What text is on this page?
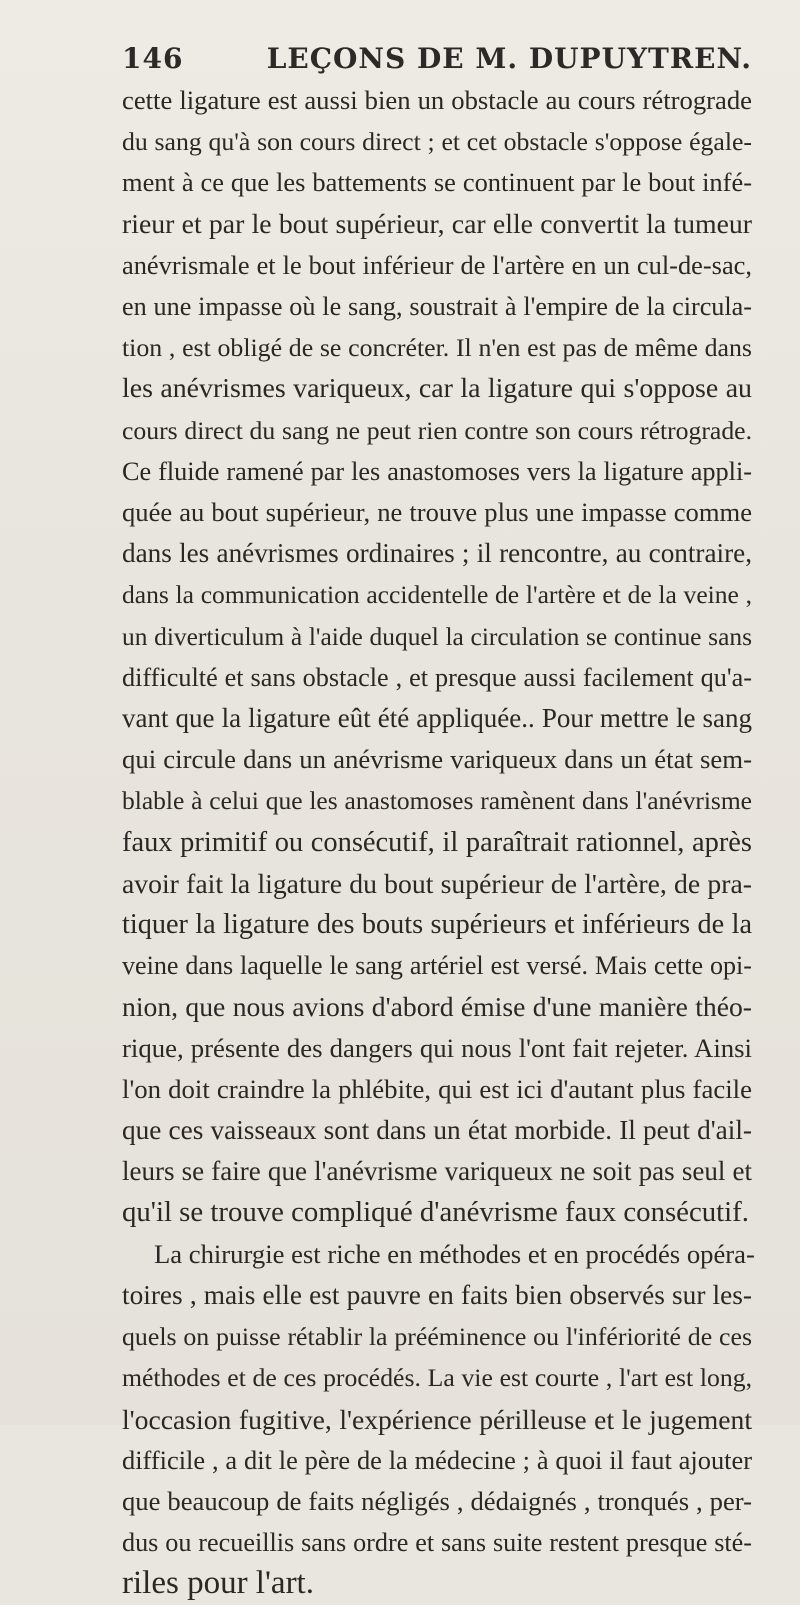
146	LEÇONS DE M. DUPUYTREN.
cette ligature est aussi bien un obstacle au cours rétrograde
du sang qu'à son cours direct ; et cet obstacle s'oppose égale-
ment à ce que les battements se continuent par le bout infé-
rieur et par le bout supérieur, car elle convertit la tumeur
anévrismale et le bout inférieur de l'artère en un cul-de-sac,
en une impasse où le sang, soustrait à l'empire de la circula-
tion , est obligé de se concréter. Il n'en est pas de même dans
les anévrismes variqueux, car la ligature qui s'oppose au
cours direct du sang ne peut rien contre son cours rétrograde.
Ce fluide ramené par les anastomoses vers la ligature appli-
quée au bout supérieur, ne trouve plus une impasse comme
dans les anévrismes ordinaires ; il rencontre, au contraire,
dans la communication accidentelle de l'artère et de la veine ,
un diverticulum à l'aide duquel la circulation se continue sans
difficulté et sans obstacle , et presque aussi facilement qu'a-
vant que la ligature eût été appliquée.. Pour mettre le sang
qui circule dans un anévrisme variqueux dans un état sem-
blable à celui que les anastomoses ramènent dans l'anévrisme
faux primitif ou consécutif, il paraîtrait rationnel, après
avoir fait la ligature du bout supérieur de l'artère, de pra-
tiquer la ligature des bouts supérieurs et inférieurs de la
veine dans laquelle le sang artériel est versé. Mais cette opi-
nion, que nous avions d'abord émise d'une manière théo-
rique, présente des dangers qui nous l'ont fait rejeter. Ainsi
l'on doit craindre la phlébite, qui est ici d'autant plus facile
que ces vaisseaux sont dans un état morbide. Il peut d'ail-
leurs se faire que l'anévrisme variqueux ne soit pas seul et
qu'il se trouve compliqué d'anévrisme faux consécutif.
La chirurgie est riche en méthodes et en procédés opéra-
toires , mais elle est pauvre en faits bien observés sur les-
quels on puisse rétablir la prééminence ou l'infériorité de ces
méthodes et de ces procédés. La vie est courte , l'art est long,
l'occasion fugitive, l'expérience périlleuse et le jugement
difficile , a dit le père de la médecine ; à quoi il faut ajouter
que beaucoup de faits négligés , dédaignés , tronqués , per-
dus ou recueillis sans ordre et sans suite restent presque sté-
riles pour l'art.
